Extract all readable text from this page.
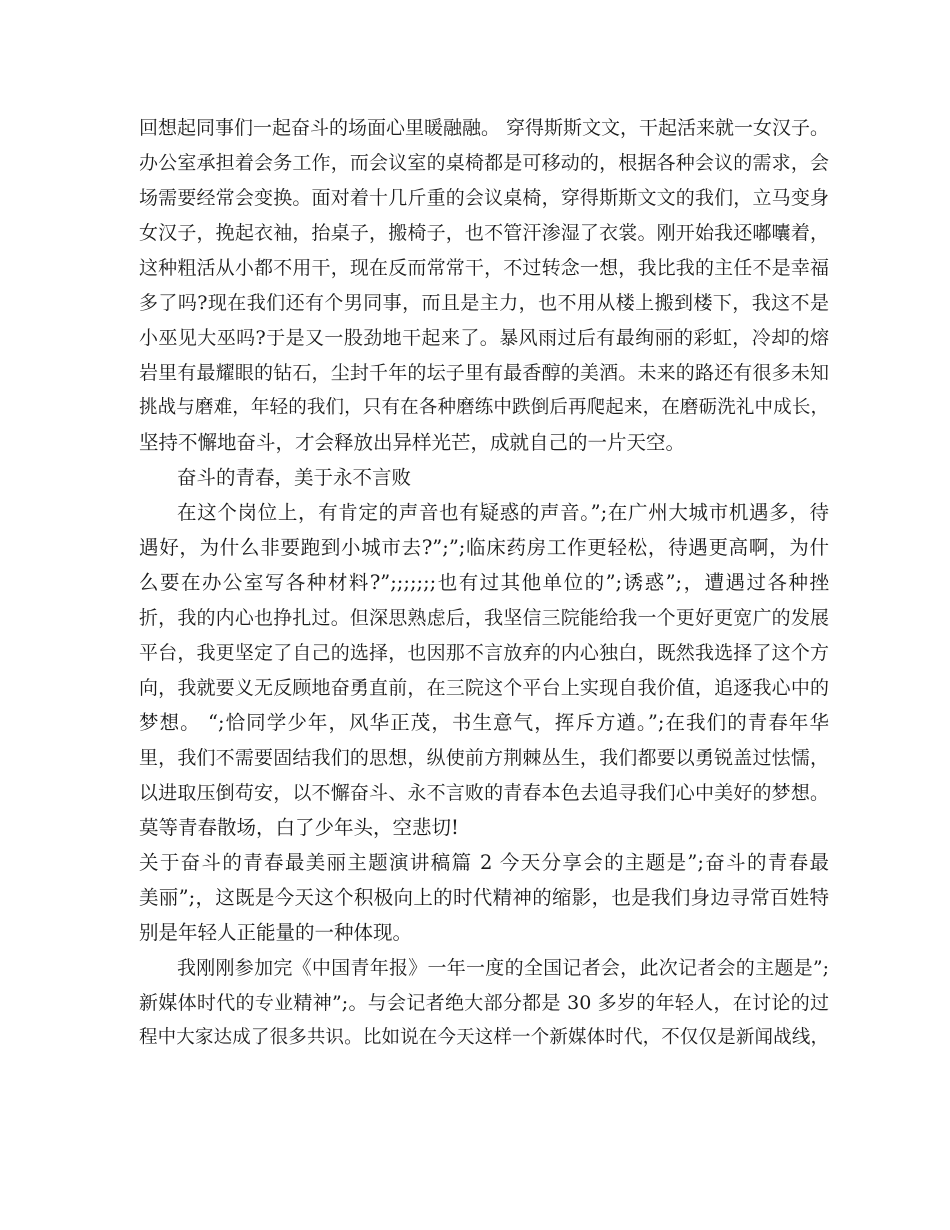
回想起同事们一起奋斗的场面心里暖融融。 穿得斯斯文文，干起活来就一女汉子。
办公室承担着会务工作，而会议室的桌椅都是可移动的，根据各种会议的需求，会
场需要经常会变换。面对着十几斤重的会议桌椅，穿得斯斯文文的我们，立马变身
女汉子，挽起衣袖，抬桌子，搬椅子，也不管汗渗湿了衣裳。刚开始我还嘟囔着，
这种粗活从小都不用干，现在反而常常干，不过转念一想，我比我的主任不是幸福
多了吗?现在我们还有个男同事，而且是主力，也不用从楼上搬到楼下，我这不是
小巫见大巫吗?于是又一股劲地干起来了。暴风雨过后有最绚丽的彩虹，冷却的熔
岩里有最耀眼的钻石，尘封千年的坛子里有最香醇的美酒。未来的路还有很多未知
挑战与磨难，年轻的我们，只有在各种磨练中跌倒后再爬起来，在磨砺洗礼中成长，
坚持不懈地奋斗，才会释放出异样光芒，成就自己的一片天空。
奋斗的青春，美于永不言败
在这个岗位上，有肯定的声音也有疑惑的声音。”;在广州大城市机遇多，待
遇好，为什么非要跑到小城市去?”;”;临床药房工作更轻松，待遇更高啊，为什
么要在办公室写各种材料?”;;;;;;;也有过其他单位的”;诱惑”;，遭遇过各种挫
折，我的内心也挣扎过。但深思熟虑后，我坚信三院能给我一个更好更宽广的发展
平台，我更坚定了自己的选择，也因那不言放弃的内心独白，既然我选择了这个方
向，我就要义无反顾地奋勇直前，在三院这个平台上实现自我价值，追逐我心中的
梦想。 “;恰同学少年，风华正茂，书生意气，挥斥方遒。”;在我们的青春年华
里，我们不需要固结我们的思想，纵使前方荆棘丛生，我们都要以勇锐盖过怯懦，
以进取压倒苟安，以不懈奋斗、永不言败的青春本色去追寻我们心中美好的梦想。
莫等青春散场，白了少年头，空悲切!
关于奋斗的青春最美丽主题演讲稿篇 2 今天分享会的主题是”;奋斗的青春最
美丽”;，这既是今天这个积极向上的时代精神的缩影，也是我们身边寻常百姓特
别是年轻人正能量的一种体现。
我刚刚参加完《中国青年报》一年一度的全国记者会，此次记者会的主题是”;
新媒体时代的专业精神”;。与会记者绝大部分都是 30 多岁的年轻人，在讨论的过
程中大家达成了很多共识。比如说在今天这样一个新媒体时代，不仅仅是新闻战线，
